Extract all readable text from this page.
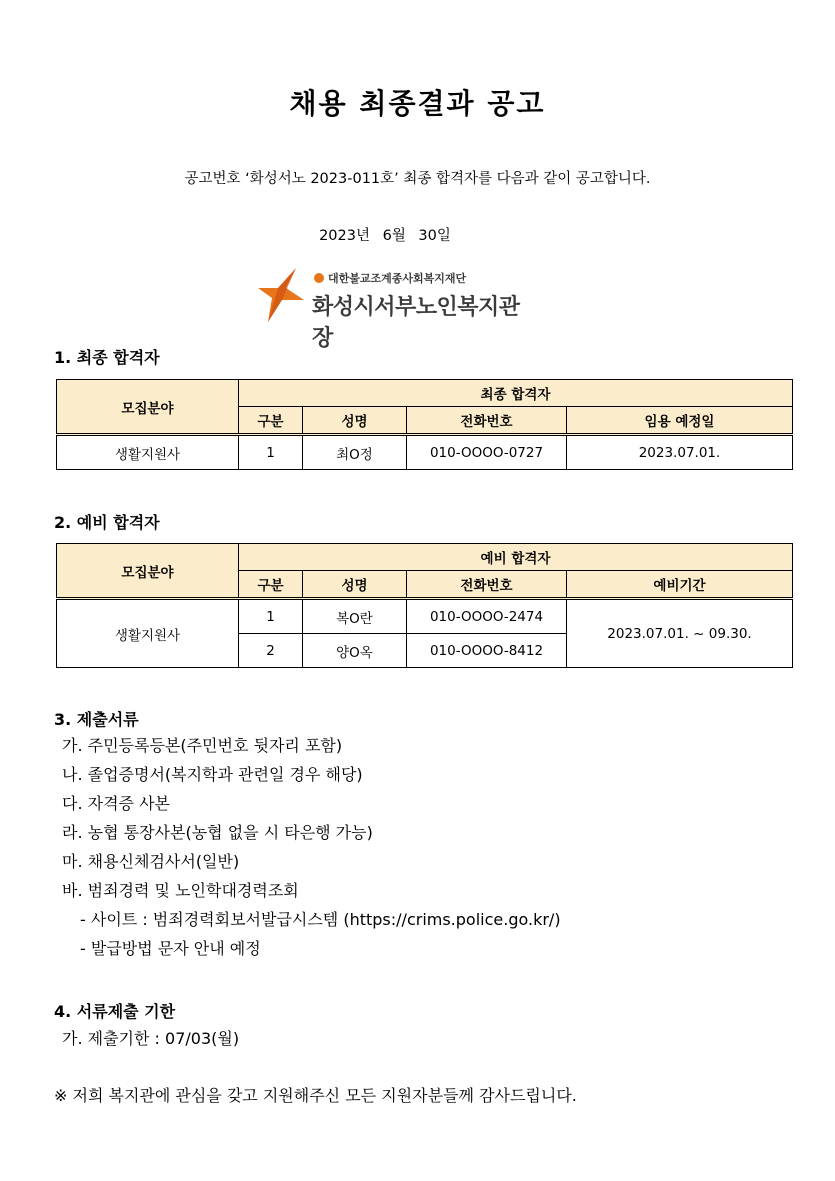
채용 최종결과 공고
공고번호 ‘화성서노 2023-011호’ 최종 합격자를 다음과 같이 공고합니다.
2023년 6월 30일
대한불교조계종사회복지재단
화성시서부노인복지관장
1. 최종 합격자
모집분야	최종 합격자			
	구분	성명	전화번호	임용 예정일
생활지원사	1	최O정	010-OOOO-0727	2023.07.01.
2. 예비 합격자
모집분야	예비 합격자			
	구분	성명	전화번호	예비기간
생활지원사	1	복O란	010-OOOO-2474	2023.07.01. ~ 09.30.
	2	양O옥	010-OOOO-8412	
3. 제출서류
가. 주민등록등본(주민번호 뒷자리 포함)
나. 졸업증명서(복지학과 관련일 경우 해당)
다. 자격증 사본
라. 농협 통장사본(농협 없을 시 타은행 가능)
마. 채용신체검사서(일반)
바. 범죄경력 및 노인학대경력조회
- 사이트 : 범죄경력회보서발급시스템 (https://crims.police.go.kr/)
- 발급방법 문자 안내 예정
4. 서류제출 기한
가. 제출기한 : 07/03(월)
※ 저희 복지관에 관심을 갖고 지원해주신 모든 지원자분들께 감사드립니다.
